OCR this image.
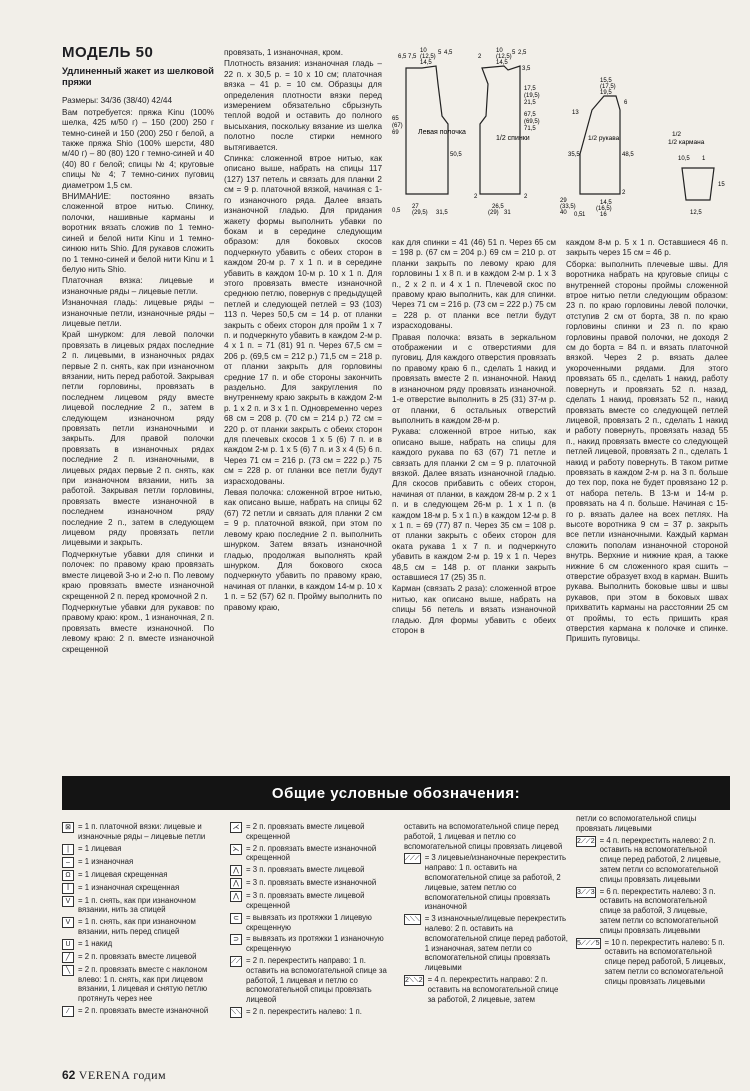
МОДЕЛЬ 50
Удлиненный жакет из шелковой пряжи

Размеры: 34/36 (38/40) 42/44

Вам потребуется: пряжа Kinu (100% шелка, 425 м/50 г) – 150 (200) 250 г темно-синей и 150 (200) 250 г белой, а также пряжа Shio (100% шерсти, 480 м/40 г) – 80 (80) 120 г темно-синей и 40 (40) 80 г белой; спицы № 4; круговые спицы № 4; 7 темно-синих пуговиц диаметром 1,5 см.

ВНИМАНИЕ: постоянно вязать сложенной втрое нитью. Спинку, полочки, нашивные карманы и воротник вязать сложив по 1 темно-синей и белой нити Kinu и 1 темно-синюю нить Shio. Для рукавов сложить по 1 темно-синей и белой нити Kinu и 1 белую нить Shio.

Платочная вязка: лицевые и изнаночные ряды – лицевые петли.

Изнаночная гладь: лицевые ряды – изнаночные петли, изнаночные ряды – лицевые петли.

Край шнурком: для левой полочки провязать в лицевых рядах последние 2 п. лицевыми, в изнаночных рядах первые 2 п. снять, как при изнаночном вязании, нить перед работой. Закрывая петли горловины, провязать в последнем лицевом ряду вместе лицевой последние 2 п., затем в следующем изнаночном ряду провязать петли изнаночными и закрыть. Для правой полочки провязать в изнаночных рядах последние 2 п. изнаночными, в лицевых рядах первые 2 п. снять, как при изнаночном вязании, нить за работой. Закрывая петли горловины, провязать вместе изнаночной в последнем изнаночном ряду последние 2 п., затем в следующем лицевом ряду провязать петли лицевыми и закрыть.

Подчеркнутые убавки для спинки и полочек: по правому краю провязать вместе лицевой 3-ю и 2-ю п. По левому краю провязать вместе изнаночной скрещенной 2 п. перед кромочной 2 п.

Подчеркнутые убавки для рукавов: по правому краю: кром., 1 изнаночная, 2 п. провязать вместе изнаночной. По левому краю: 2 п. вместе изнаночной скрещенной

провязать, 1 изнаночная, кром.

Плотность вязания: изнаночная гладь – 22 п. x 30,5 р. = 10 x 10 см; платочная вязка – 41 р. = 10 см. Образцы для определения плотности вязки перед измерением обязательно сбрызнуть теплой водой и оставить до полного высыхания, поскольку вязание из шелка полотно после стирки немного вытягивается.

Спинка: сложенной втрое нитью, как описано выше, набрать на спицы 117 (127) 137 петель и связать для планки 2 см = 9 р. платочной вязкой, начиная с 1-го изнаночного ряда. Далее вязать изнаночной гладью. Для придания жакету формы выполнить убавки по бокам и в середине следующим образом: для боковых скосов подчеркнуто убавить с обеих сторон в каждом 20-м р. 7 x 1 п. и в середине убавить в каждом 10-м р. 10 x 1 п. Для этого провязать вместе изнаночной среднюю петлю, повернув с предыдущей петлей и следующей петлей = 93 (103) 113 п. Через 50,5 см = 14 р. от планки закрыть с обеих сторон для пройм 1 x 7 п. и подчеркнуто убавить в каждом 2-м р. 4 x 1 п. = 71 (81) 91 п. Через 67,5 см = 206 р. (69,5 см = 212 р.) 71,5 см = 218 р. от планки закрыть для горловины средние 17 п. и обе стороны закончить раздельно. Для закругления по внутреннему краю закрыть в каждом 2-м р. 1 x 2 п. и 3 x 1 п. Одновременно через 68 см = 208 р. (70 см = 214 р.) 72 см = 220 р. от планки закрыть с обеих сторон для плечевых скосов 1 x 5 (6) 7 п. и в каждом 2-м р. 1 x 5 (6) 7 п. и 3 x 4 (5) 6 п. Через 71 см = 216 р. (73 см = 222 р.) 75 см = 228 р. от планки все петли будут израсходованы.

Левая полочка: сложенной втрое нитью, как описано выше, набрать на спицы 62 (67) 72 петли и связать для планки 2 см = 9 р. платочной вязкой, при этом по левому краю последние 2 п. выполнить шнурком. Затем вязать изнаночной гладью, продолжая выполнять край шнурком. Для бокового скоса подчеркнуто убавить по правому краю, начиная от планки, в каждом 14-м р. 10 x 1 п. = 52 (57) 62 п. Пройму выполнить по правому краю,

Левая полочка
6,5 7,5
10
(12,5)
14,5
5 4,5
65
(67)
69
50,5
0,5
27
(29,5) 31,5
1/2 спинки
2
10
(12,5)
14,5
5 2,5
3,5
17,5
(19,5)
21,5
67,5
(69,5)
71,5
2
26,5
(29) 31
2
1/2 рукава
15,5
(17,5)
19,5
13
6
35,5	48,5
2
29
(33,5)
40
14,5
(16,5)
16
1
0,5
1/2
1/2 кармана
10,5 1
15
12,5

как для спинки = 41 (46) 51 п. Через 65 см = 198 р. (67 см = 204 р.) 69 см = 210 р. от планки закрыть по левому краю для горловины 1 x 8 п. и в каждом 2-м р. 1 x 3 п., 2 x 2 п. и 4 x 1 п. Плечевой скос по правому краю выполнить, как для спинки. Через 71 см = 216 р. (73 см = 222 р.) 75 см = 228 р. от планки все петли будут израсходованы.

Правая полочка: вязать в зеркальном отображении и с отверстиями для пуговиц. Для каждого отверстия провязать по правому краю 6 п., сделать 1 накид и провязать вместе 2 п. изнаночной. Накид в изнаночном ряду провязать изнаночной. 1-е отверстие выполнить в 25 (31) 37-м р. от планки, 6 остальных отверстий выполнить в каждом 28-м р.

Рукава: сложенной втрое нитью, как описано выше, набрать на спицы для каждого рукава по 63 (67) 71 петле и связать для планки 2 см = 9 р. платочной вязкой. Далее вязать изнаночной гладью. Для скосов прибавить с обеих сторон, начиная от планки, в каждом 28-м р. 2 x 1 п. и в следующем 26-м р. 1 x 1 п. (в каждом 18-м р. 5 x 1 п.) в каждом 12-м р. 8 x 1 п. = 69 (77) 87 п. Через 35 см = 108 р. от планки закрыть с обеих сторон для оката рукава 1 x 7 п. и подчеркнуто убавить в каждом 2-м р. 19 x 1 п. Через 48,5 см = 148 р. от планки закрыть оставшиеся 17 (25) 35 п.

Карман (связать 2 раза): сложенной втрое нитью, как описано выше, набрать на спицы 56 петель и вязать изнаночной гладью. Для формы убавить с обеих сторон в

каждом 8-м р. 5 x 1 п. Оставшиеся 46 п. закрыть через 15 см = 46 р.

Сборка: выполнить плечевые швы. Для воротника набрать на круговые спицы с внутренней стороны проймы сложенной втрое нитью петли следующим образом: 23 п. по краю горловины левой полочки, отступив 2 см от борта, 38 п. по краю горловины спинки и 23 п. по краю горловины правой полочки, не доходя 2 см до борта = 84 п. и вязать платочной вязкой. Через 2 р. вязать далее укороченными рядами. Для этого провязать 65 п., сделать 1 накид, работу повернуть и провязать 52 п. назад, сделать 1 накид, провязать 52 п., накид провязать вместе со следующей петлей лицевой, провязать 2 п., сделать 1 накид и работу повернуть, провязать назад 55 п., накид провязать вместе со следующей петлей лицевой, провязать 2 п., сделать 1 накид и работу повернуть. В таком ритме провязать в каждом 2-м р. на 3 п. больше до тех пор, пока не будет провязано 12 р. от набора петель. В 13-м и 14-м р. провязать на 4 п. больше. Начиная с 15-го р. вязать далее на всех петлях. На высоте воротника 9 см = 37 р. закрыть все петли изнаночными. Каждый карман сложить пополам изнаночной стороной внутрь. Верхние и нижние края, а также нижние 6 см сложенного края сшить – отверстие образует вход в карман. Вшить рукава. Выполнить боковые швы и швы рукавов, при этом в боковых швах прихватить карманы на расстоянии 25 см от проймы, то есть пришить края отверстия кармана к полочке и спинке. Пришить пуговицы.

Общие условные обозначения:
⊠ = 1 п. платочной вязки: лицевые и изнаночные ряды – лицевые петли
|	= 1 лицевая
–	= 1 изнаночная
Ω = 1 лицевая скрещенная
ꟾ	= 1 изнаночная скрещенная
V = 1 п. снять, как при изнаночном вязании, нить за спицей
V = 1 п. снять, как при изнаночном вязании, нить перед спицей
U = 1 накид
╱	= 2 п. провязать вместе лицевой
╲	= 2 п. провязать вместе с наклоном влево: 1 п. снять, как при лицевом вязании, 1 лицевая и снятую петлю протянуть через нее
⁄	= 2 п. провязать вместе изнаночной
⋌ = 2 п. провязать вместе лицевой скрещенной
⋋ = 2 п. провязать вместе изнаночной скрещенной
⋀ = 3 п. провязать вместе лицевой
⋀ = 3 п. провязать вместе изнаночной
⋀ = 3 п. провязать вместе лицевой скрещенной
⊂ = вывязать из протяжки 1 лицевую скрещенную
⊃ = вывязать из протяжки 1 изнаночную скрещенную
⟋⟋ = 2 п. перекрестить направо: 1 п. оставить на вспомогательной спице за работой, 1 лицевая и петлю со вспомогательной спицы провязать лицевой
⟍⟍ = 2 п. перекрестить налево: 1 п.
оставить на вспомогательной спице перед работой, 1 лицевая и петлю со вспомогательной спицы провязать лицевой
⟋⟋⟋ = 3 лицевые/изнаночные перекрестить направо: 1 п. оставить на вспомогательной спице за работой, 2 лицевые, затем петлю со вспомогательной спицы провязать изнаночной
⟍⟍⟍ = 3 изнаночные/лицевые перекрестить налево: 2 п. оставить на вспомогательной спице перед работой, 1 изнаночная, затем петли со вспомогательной спицы провязать лицевыми
2⟍⟍2 = 4 п. перекрестить направо: 2 п. оставить на вспомогательной спице за работой, 2 лицевые, затем
петли со вспомогательной спицы провязать лицевыми
2⟋⟋2 = 4 п. перекрестить налево: 2 п. оставить на вспомогательной спице перед работой, 2 лицевые, затем петли со вспомогательной спицы провязать лицевыми
3⟋⟋3 = 6 п. перекрестить налево: 3 п. оставить на вспомогательной спице за работой, 3 лицевые, затем петли со вспомогательной спицы провязать лицевыми
5⟋⟋⟋5 = 10 п. перекрестить налево: 5 п. оставить на вспомогательной спице перед работой, 5 лицевых, затем петли со вспомогательной спицы провязать лицевыми
62 VERENA годим
